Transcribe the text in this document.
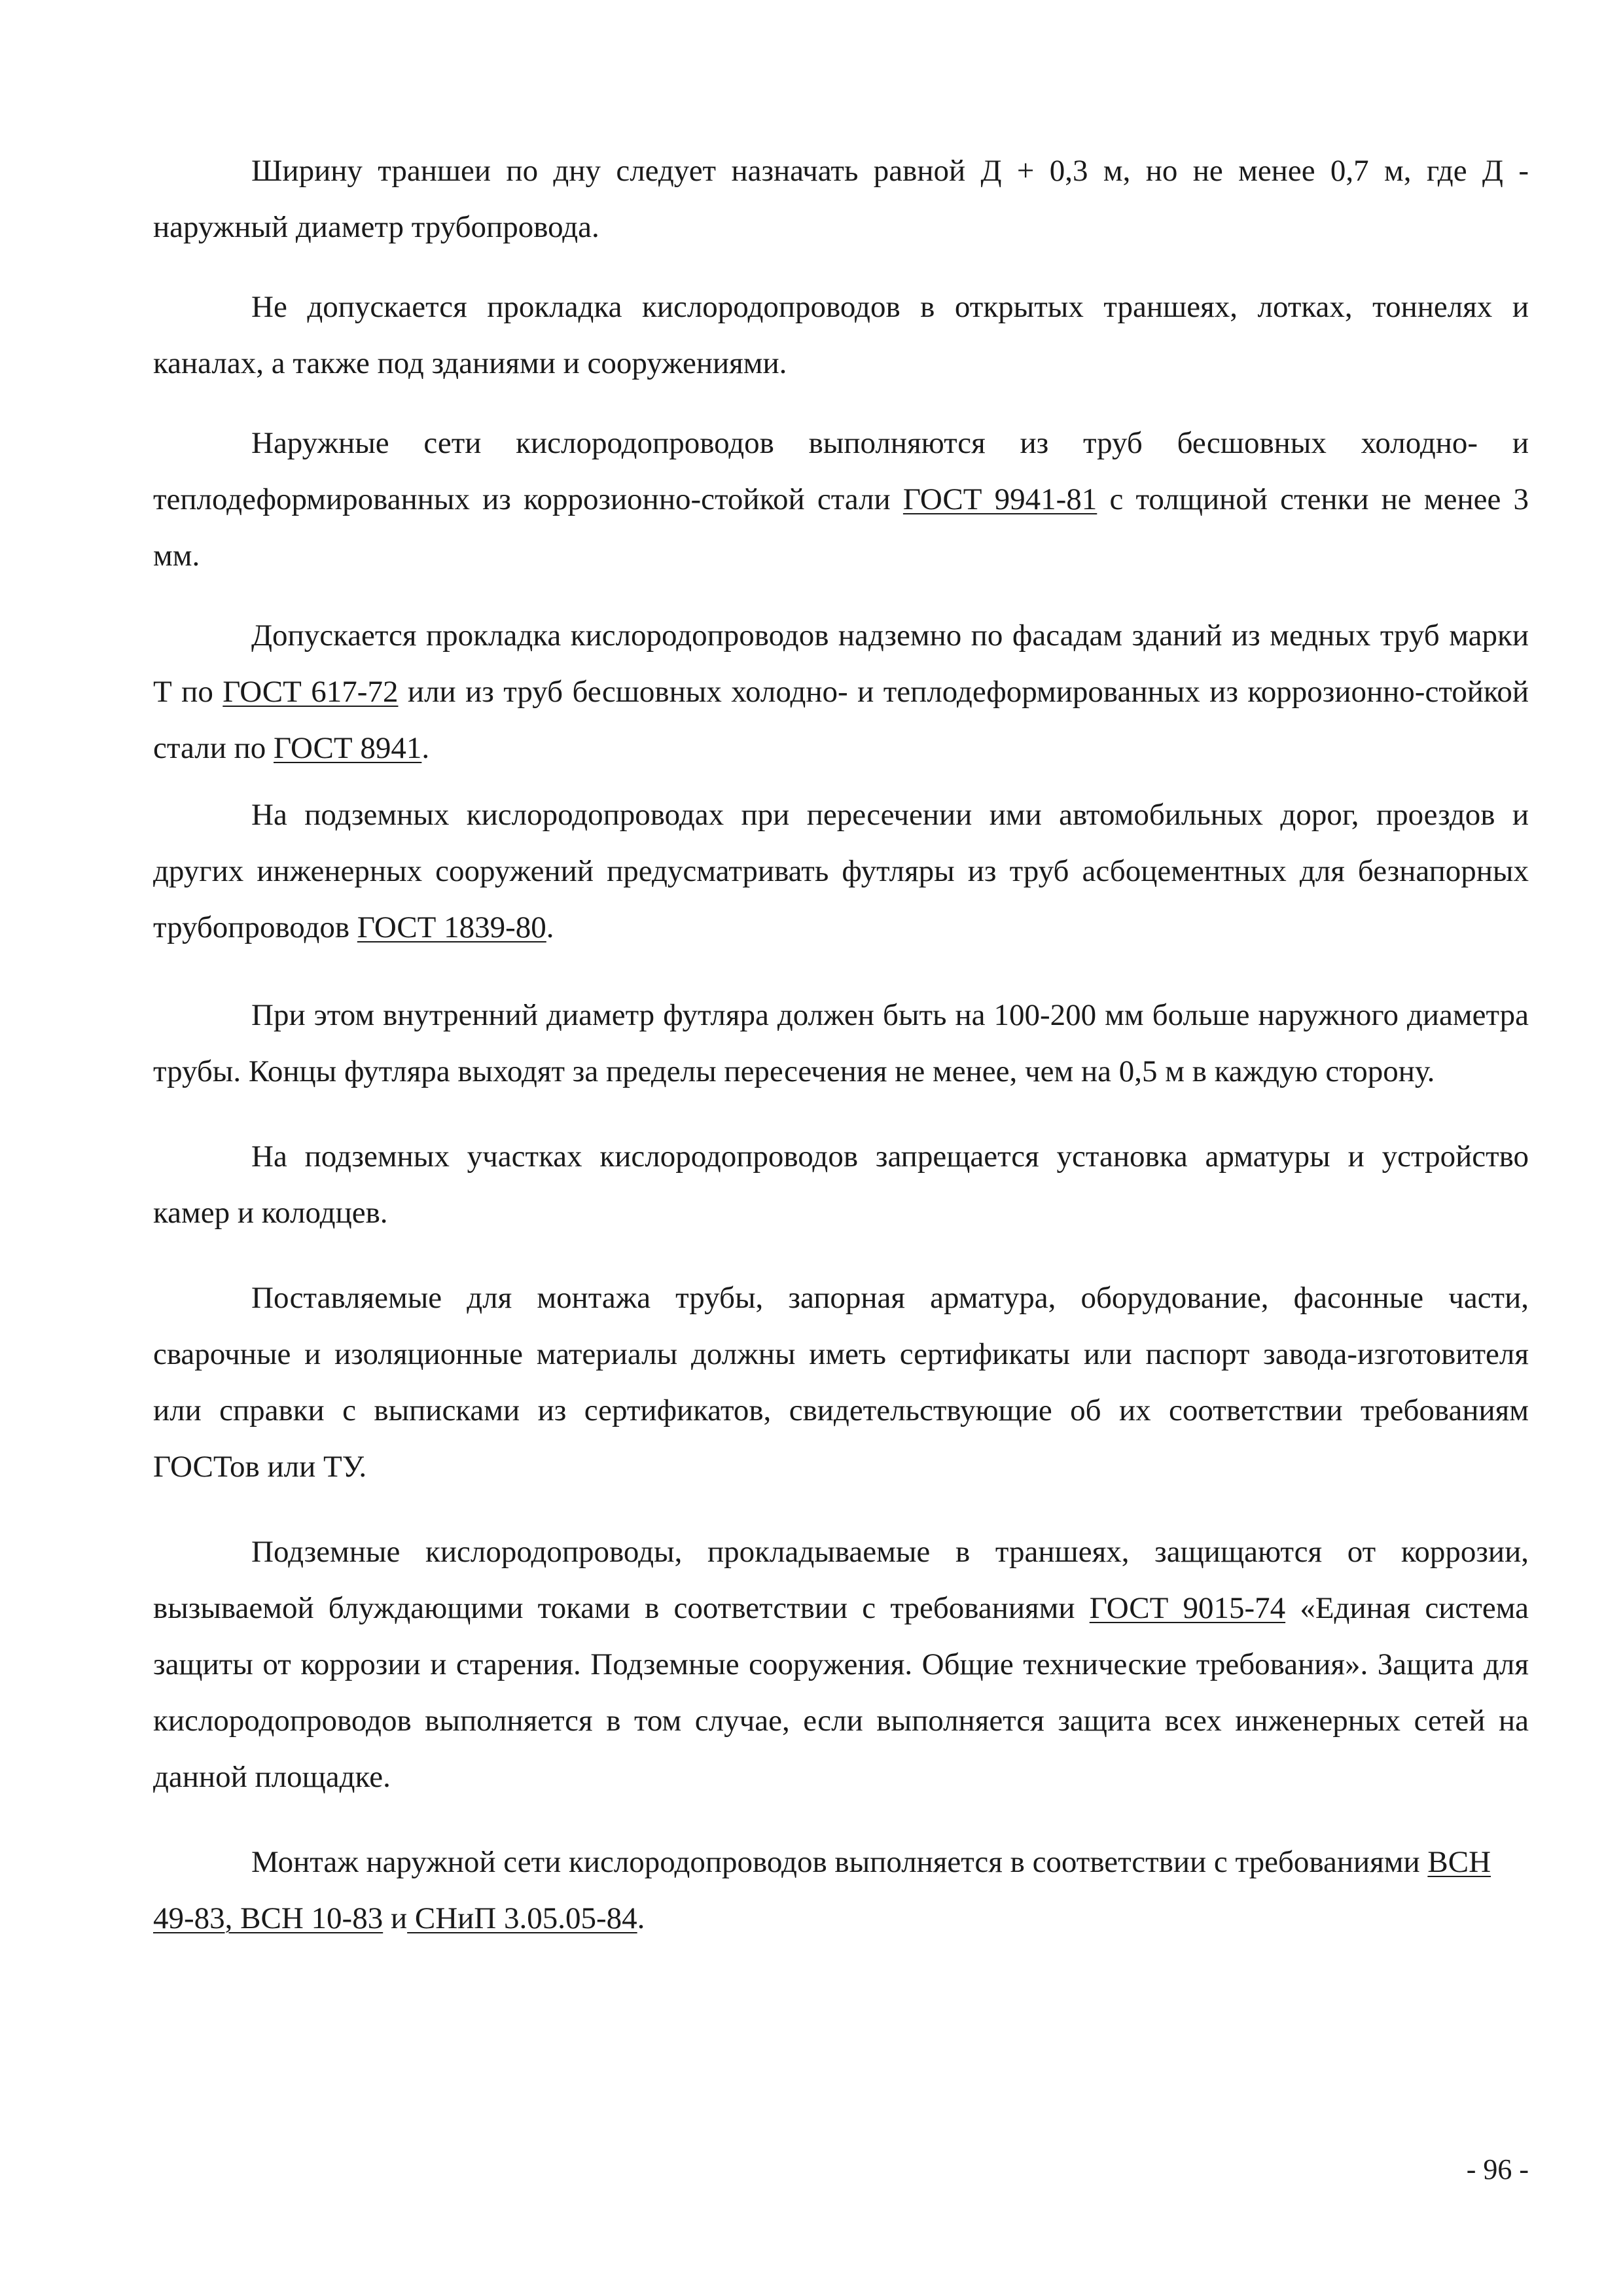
Ширину траншеи по дну следует назначать равной Д + 0,3 м, но не менее 0,7 м, где Д - наружный диаметр трубопровода.

Не допускается прокладка кислородопроводов в открытых траншеях, лотках, тоннелях и каналах, а также под зданиями и сооружениями.

Наружные сети кислородопроводов выполняются из труб бесшовных холодно- и теплодеформированных из коррозионно-стойкой стали ГОСТ 9941-81 с толщиной стенки не менее 3 мм.

Допускается прокладка кислородопроводов надземно по фасадам зданий из медных труб марки Т по ГОСТ 617-72 или из труб бесшовных холодно- и теплодеформированных из коррозионно-стойкой стали по ГОСТ 8941.

На подземных кислородопроводах при пересечении ими автомобильных дорог, проездов и других инженерных сооружений предусматривать футляры из труб асбоцементных для безнапорных трубопроводов ГОСТ 1839-80.

При этом внутренний диаметр футляра должен быть на 100-200 мм больше наружного диаметра трубы. Концы футляра выходят за пределы пересечения не менее, чем на 0,5 м в каждую сторону.

На подземных участках кислородопроводов запрещается установка арматуры и устройство камер и колодцев.

Поставляемые для монтажа трубы, запорная арматура, оборудование, фасонные части, сварочные и изоляционные материалы должны иметь сертификаты или паспорт завода-изготовителя или справки с выписками из сертификатов, свидетельствующие об их соответствии требованиям ГОСТов или ТУ.

Подземные кислородопроводы, прокладываемые в траншеях, защищаются от коррозии, вызываемой блуждающими токами в соответствии с требованиями ГОСТ 9015-74 «Единая система защиты от коррозии и старения. Подземные сооружения. Общие технические требования». Защита для кислородопроводов выполняется в том случае, если выполняется защита всех инженерных сетей на данной площадке.

Монтаж наружной сети кислородопроводов выполняется в соответствии с требованиями ВСН 49-83, ВСН 10-83 и СНиП 3.05.05-84.

- 96 -
